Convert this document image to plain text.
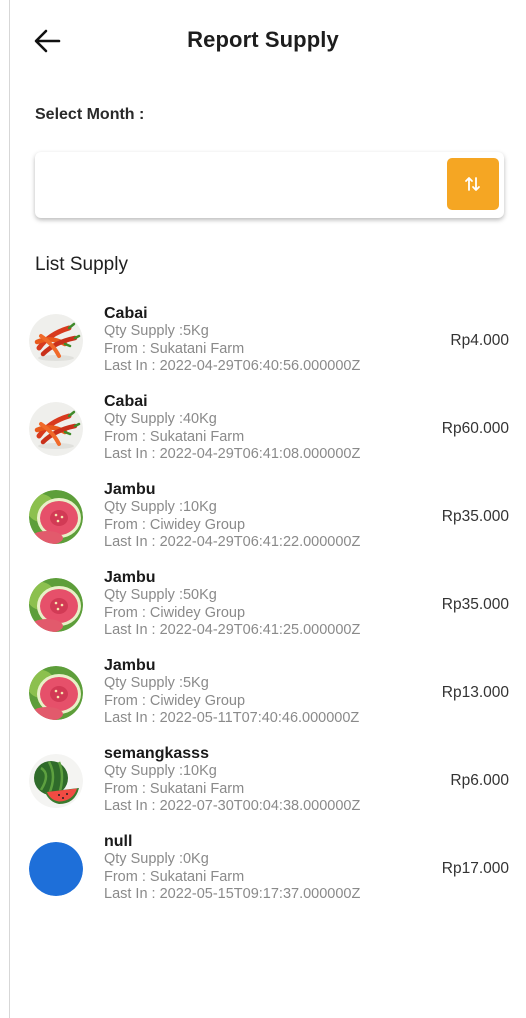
Report Supply
Select Month :
List Supply
Cabai
Qty Supply :5Kg
From : Sukatani Farm
Last In : 2022-04-29T06:40:56.000000Z
Rp4.000
Cabai
Qty Supply :40Kg
From : Sukatani Farm
Last In : 2022-04-29T06:41:08.000000Z
Rp60.000
Jambu
Qty Supply :10Kg
From : Ciwidey Group
Last In : 2022-04-29T06:41:22.000000Z
Rp35.000
Jambu
Qty Supply :50Kg
From : Ciwidey Group
Last In : 2022-04-29T06:41:25.000000Z
Rp35.000
Jambu
Qty Supply :5Kg
From : Ciwidey Group
Last In : 2022-05-11T07:40:46.000000Z
Rp13.000
semangkasss
Qty Supply :10Kg
From : Sukatani Farm
Last In : 2022-07-30T00:04:38.000000Z
Rp6.000
null
Qty Supply :0Kg
From : Sukatani Farm
Last In : 2022-05-15T09:17:37.000000Z
Rp17.000
